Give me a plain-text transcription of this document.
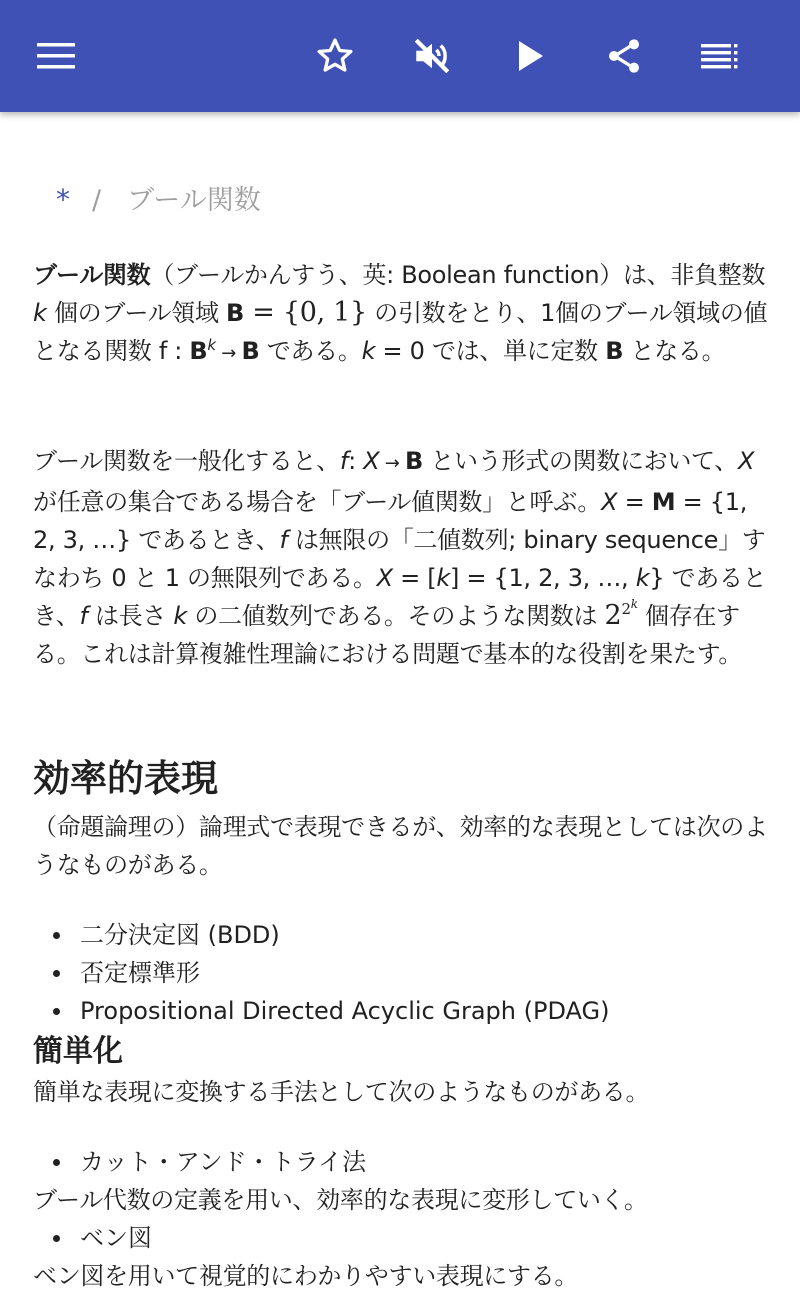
* / ブール関数

ブール関数（ブールかんすう、英: Boolean function）は、非負整数 k 個のブール領域 B = {0, 1} の引数をとり、1個のブール領域の値となる関数 f : $B^k \to B$ である。k = 0 では、単に定数 B となる。

ブール関数を一般化すると、f: X → B という形式の関数において、X が任意の集合である場合を「ブール値関数」と呼ぶ。X = M = {1, 2, 3, …} であるとき、f は無限の「二値数列; binary sequence」すなわち 0 と 1 の無限列である。X = [k] = {1, 2, 3, …, k} であるとき、f は長さ k の二値数列である。そのような関数は $2^{2^k}$ 個存在する。これは計算複雑性理論における問題で基本的な役割を果たす。

効率的表現

（命題論理の）論理式で表現できるが、効率的な表現としては次のようなものがある。

二分決定図 (BDD)
否定標準形
Propositional Directed Acyclic Graph (PDAG)
簡単化

簡単な表現に変換する手法として次のようなものがある。

カット・アンド・トライ法

ブール代数の定義を用い、効率的な表現に変形していく。

ベン図

ベン図を用いて視覚的にわかりやすい表現にする。
